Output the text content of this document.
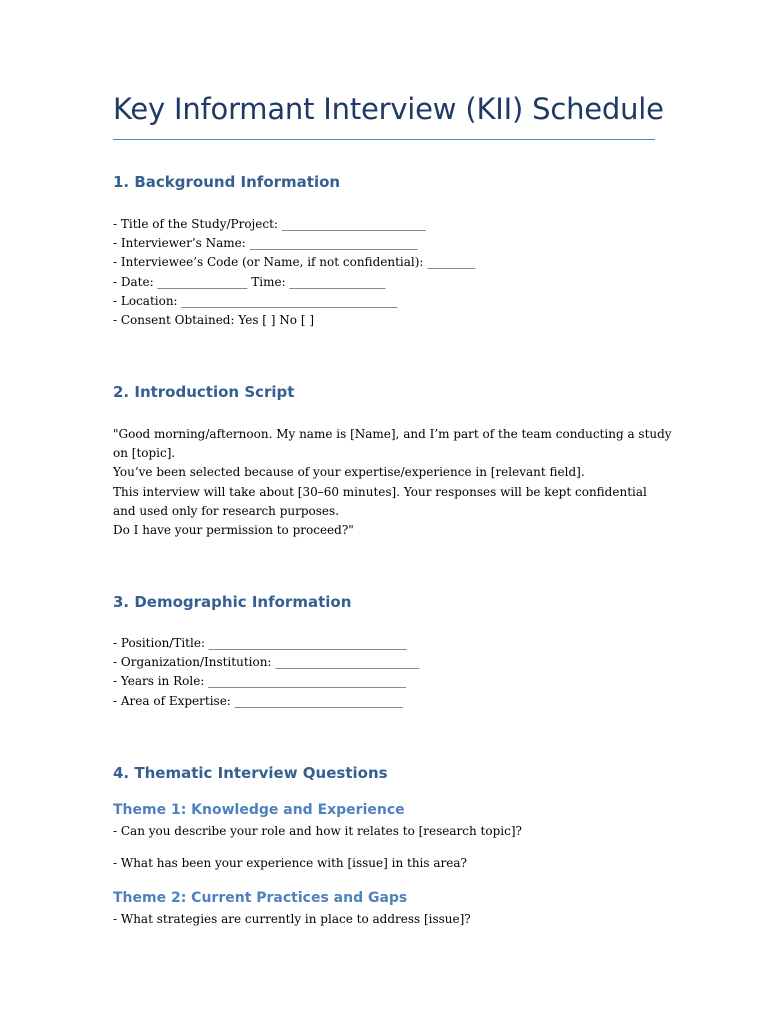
Key Informant Interview (KII) Schedule
1. Background Information
- Title of the Study/Project: ________________________
- Interviewer’s Name: ____________________________
- Interviewee’s Code (or Name, if not confidential): ________
- Date: _______________ Time: ________________
- Location: ____________________________________
- Consent Obtained: Yes [ ] No [ ]
2. Introduction Script
"Good morning/afternoon. My name is [Name], and I’m part of the team conducting a study
on [topic].
You’ve been selected because of your expertise/experience in [relevant field].
This interview will take about [30–60 minutes]. Your responses will be kept confidential
and used only for research purposes.
Do I have your permission to proceed?"
3. Demographic Information
- Position/Title: _________________________________
- Organization/Institution: ________________________
- Years in Role: _________________________________
- Area of Expertise: ____________________________
4. Thematic Interview Questions
Theme 1: Knowledge and Experience

- Can you describe your role and how it relates to [research topic]?

- What has been your experience with [issue] in this area?

Theme 2: Current Practices and Gaps

- What strategies are currently in place to address [issue]?
